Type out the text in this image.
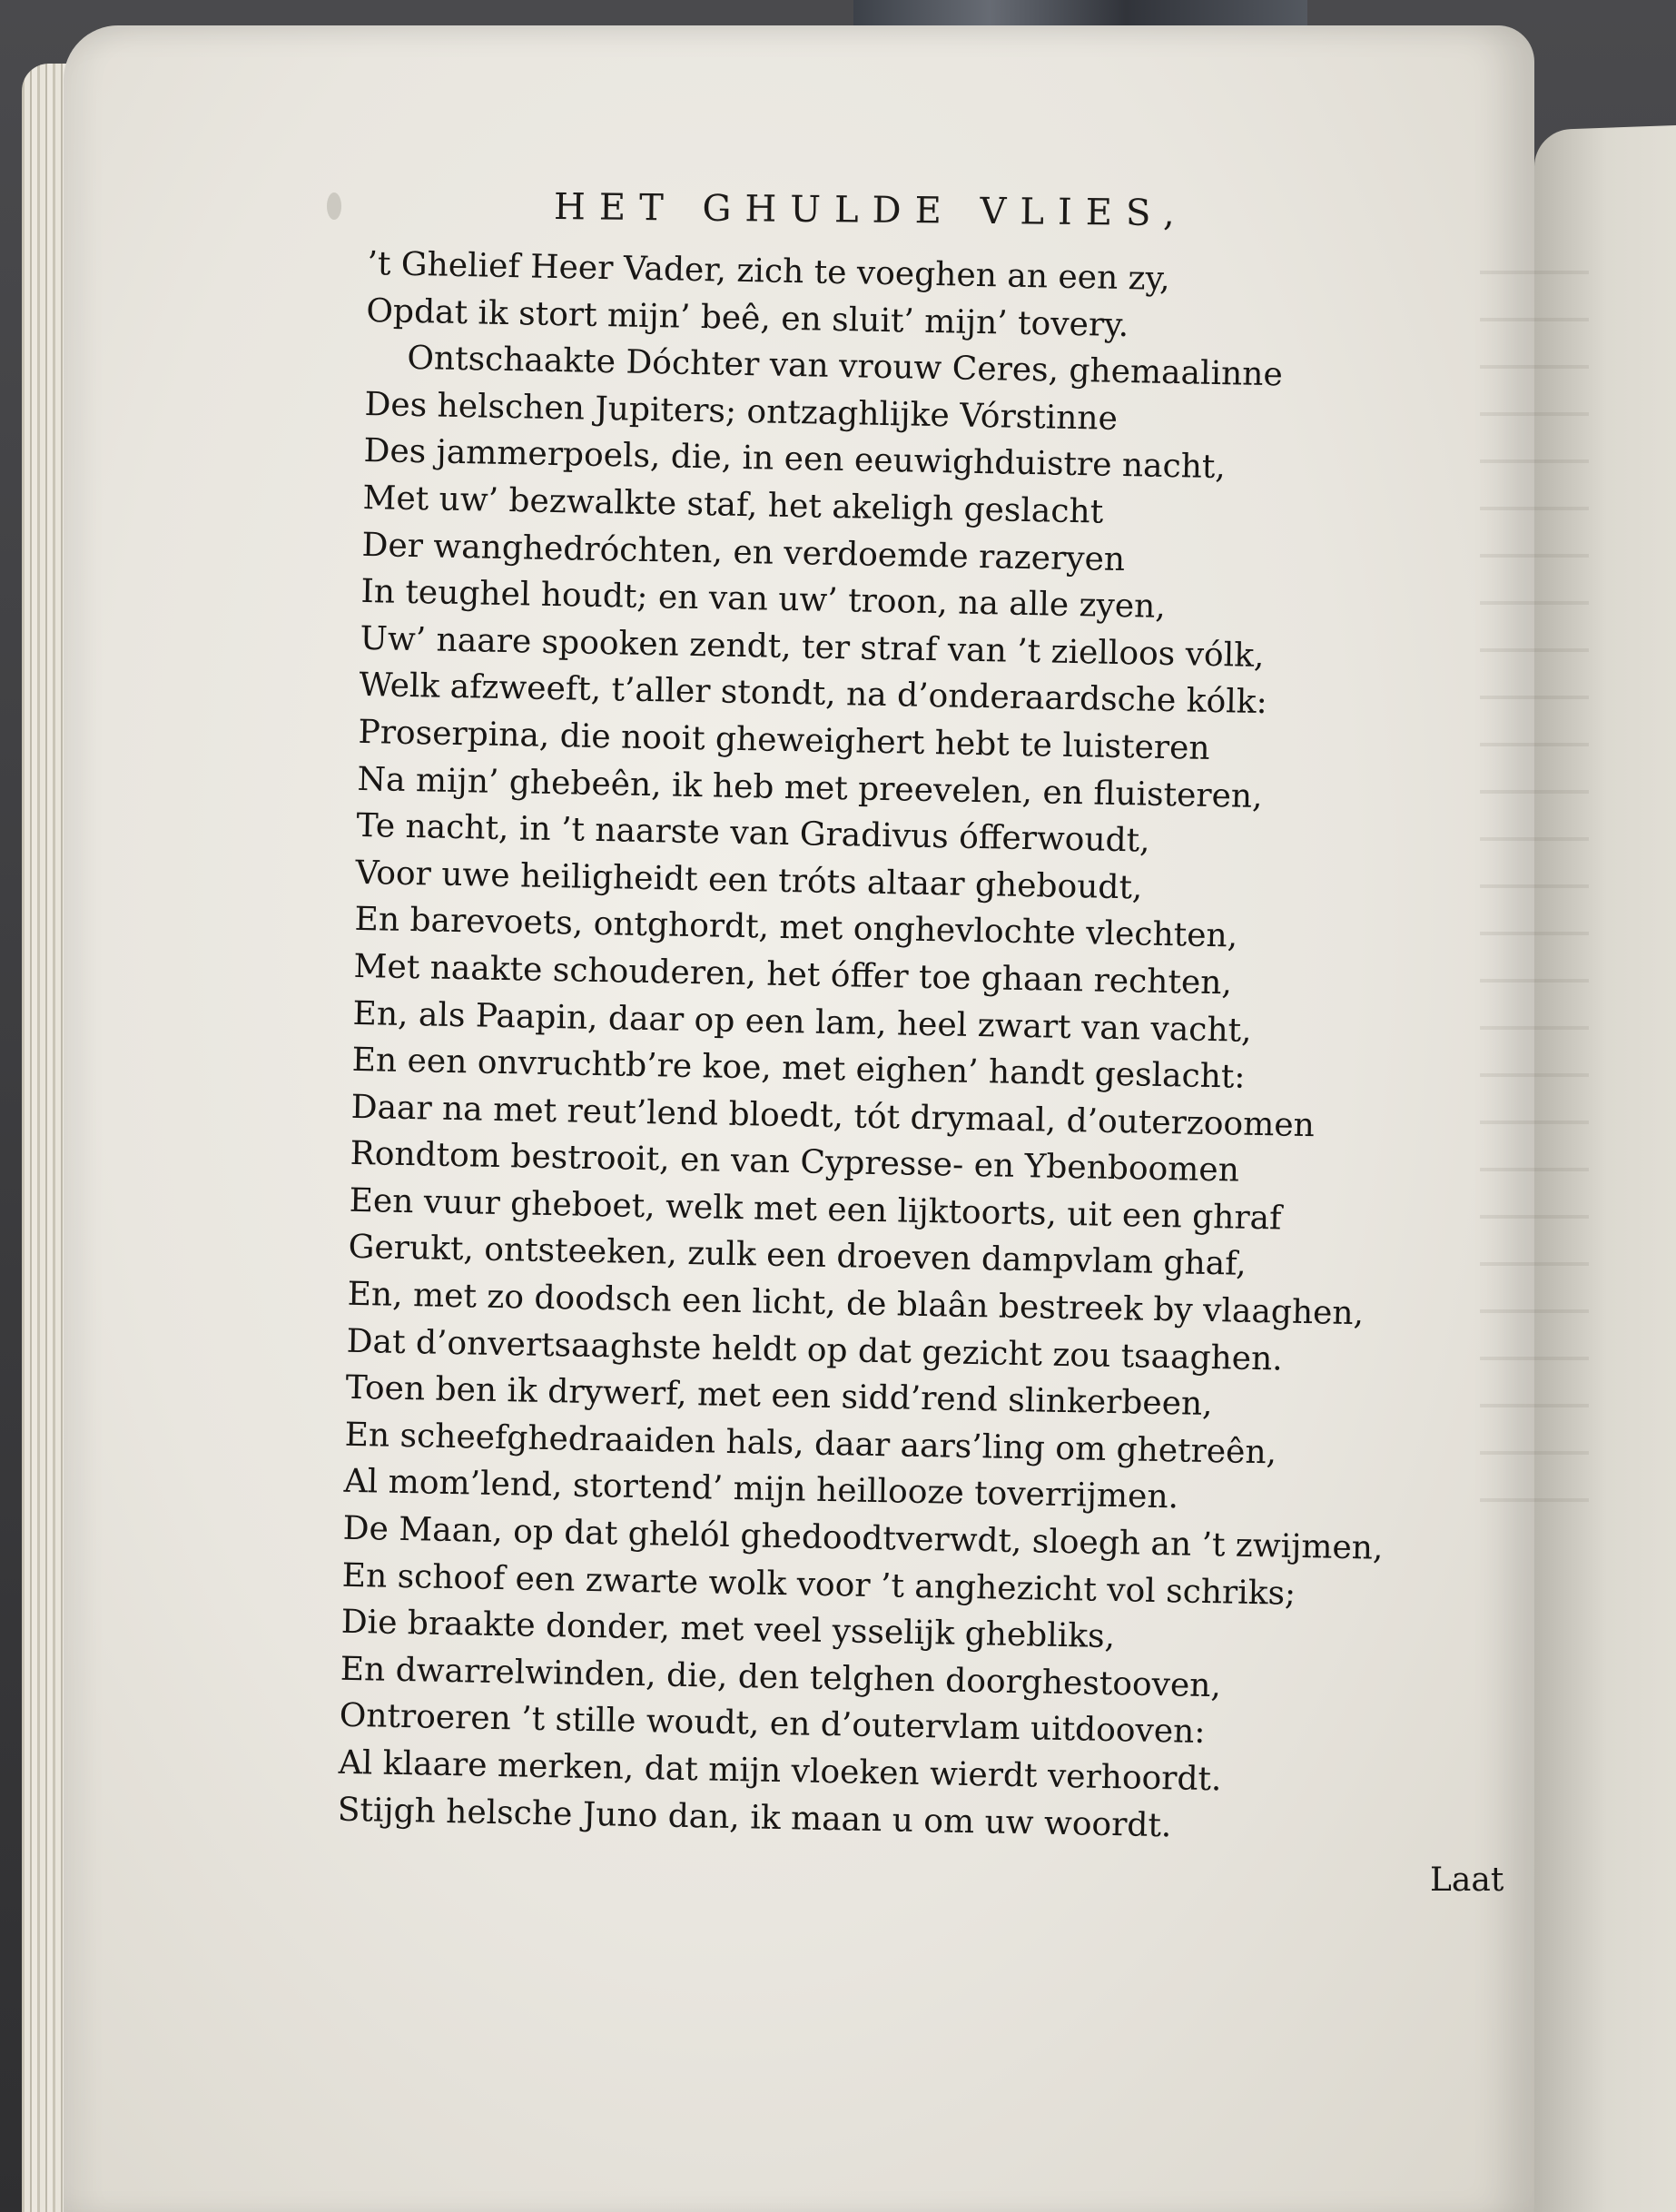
HET GHULDE VLIES,
’t Ghelief Heer Vader, zich te voeghen an een zy,
Opdat ik stort mijn’ beê, en sluit’ mijn’ tovery.
Ontschaakte Dóchter van vrouw Ceres, ghemaalinne
Des helschen Jupiters; ontzaghlijke Vórstinne
Des jammerpoels, die, in een eeuwighduistre nacht,
Met uw’ bezwalkte staf, het akeligh geslacht
Der wanghedróchten, en verdoemde razeryen
In teughel houdt; en van uw’ troon, na alle zyen,
Uw’ naare spooken zendt, ter straf van ’t zielloos vólk,
Welk afzweeft, t’aller stondt, na d’onderaardsche kólk:
Proserpina, die nooit gheweighert hebt te luisteren
Na mijn’ ghebeên, ik heb met preevelen, en fluisteren,
Te nacht, in ’t naarste van Gradivus ófferwoudt,
Voor uwe heiligheidt een tróts altaar gheboudt,
En barevoets, ontghordt, met onghevlochte vlechten,
Met naakte schouderen, het óffer toe ghaan rechten,
En, als Paapin, daar op een lam, heel zwart van vacht,
En een onvruchtb’re koe, met eighen’ handt geslacht:
Daar na met reut’lend bloedt, tót drymaal, d’outerzoomen
Rondtom bestrooit, en van Cypresse- en Ybenboomen
Een vuur gheboet, welk met een lijktoorts, uit een ghraf
Gerukt, ontsteeken, zulk een droeven dampvlam ghaf,
En, met zo doodsch een licht, de blaân bestreek by vlaaghen,
Dat d’onvertsaaghste heldt op dat gezicht zou tsaaghen.
Toen ben ik drywerf, met een sidd’rend slinkerbeen,
En scheefghedraaiden hals, daar aars’ling om ghetreên,
Al mom’lend, stortend’ mijn heillooze toverrijmen.
De Maan, op dat ghelól ghedoodtverwdt, sloegh an ’t zwijmen,
En schoof een zwarte wolk voor ’t anghezicht vol schriks;
Die braakte donder, met veel ysselijk ghebliks,
En dwarrelwinden, die, den telghen doorghestooven,
Ontroeren ’t stille woudt, en d’outervlam uitdooven:
Al klaare merken, dat mijn vloeken wierdt verhoordt.
Stijgh helsche Juno dan, ik maan u om uw woordt.
Laat
